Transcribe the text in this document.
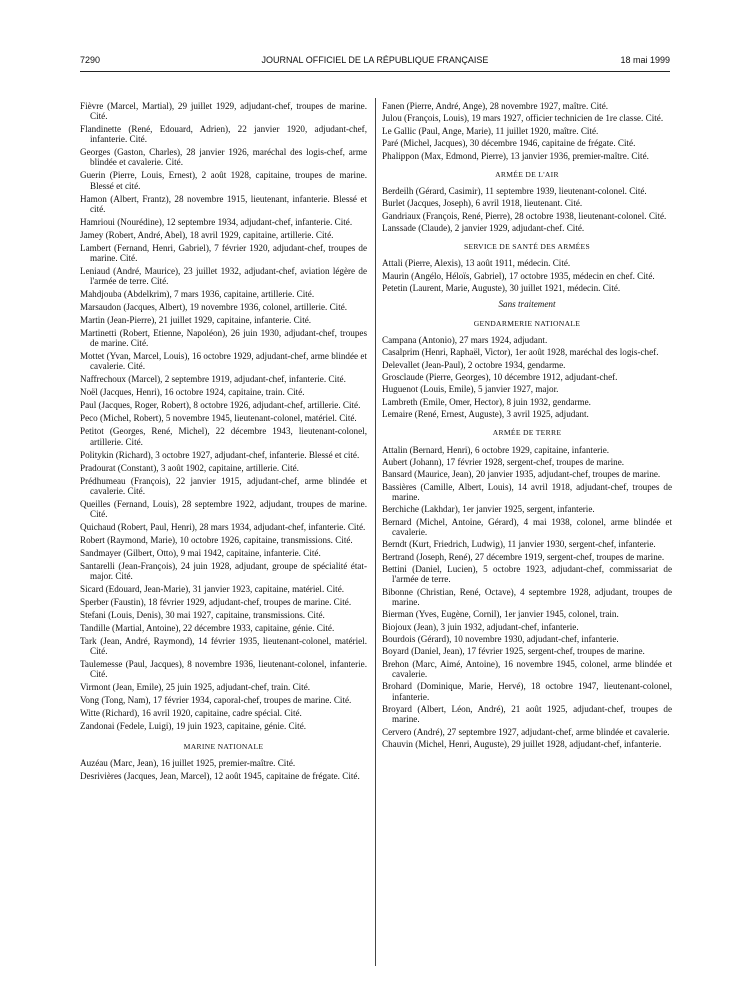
7290	JOURNAL OFFICIEL DE LA RÉPUBLIQUE FRANÇAISE	18 mai 1999
Fièvre (Marcel, Martial), 29 juillet 1929, adjudant-chef, troupes de marine. Cité.
Flandinette (René, Edouard, Adrien), 22 janvier 1920, adjudant-chef, infanterie. Cité.
Georges (Gaston, Charles), 28 janvier 1926, maréchal des logis-chef, arme blindée et cavalerie. Cité.
Guerin (Pierre, Louis, Ernest), 2 août 1928, capitaine, troupes de marine. Blessé et cité.
Hamon (Albert, Frantz), 28 novembre 1915, lieutenant, infanterie. Blessé et cité.
Hamrioui (Nourédine), 12 septembre 1934, adjudant-chef, infanterie. Cité.
Jamey (Robert, André, Abel), 18 avril 1929, capitaine, artillerie. Cité.
Lambert (Fernand, Henri, Gabriel), 7 février 1920, adjudant-chef, troupes de marine. Cité.
Leniaud (André, Maurice), 23 juillet 1932, adjudant-chef, aviation légère de l'armée de terre. Cité.
Mahdjouba (Abdelkrim), 7 mars 1936, capitaine, artillerie. Cité.
Marsaudon (Jacques, Albert), 19 novembre 1936, colonel, artillerie. Cité.
Martin (Jean-Pierre), 21 juillet 1929, capitaine, infanterie. Cité.
Martinetti (Robert, Etienne, Napoléon), 26 juin 1930, adjudant-chef, troupes de marine. Cité.
Mottet (Yvan, Marcel, Louis), 16 octobre 1929, adjudant-chef, arme blindée et cavalerie. Cité.
Naffrechoux (Marcel), 2 septembre 1919, adjudant-chef, infanterie. Cité.
Noël (Jacques, Henri), 16 octobre 1924, capitaine, train. Cité.
Paul (Jacques, Roger, Robert), 8 octobre 1926, adjudant-chef, artillerie. Cité.
Peco (Michel, Robert), 5 novembre 1945, lieutenant-colonel, matériel. Cité.
Petitot (Georges, René, Michel), 22 décembre 1943, lieutenant-colonel, artillerie. Cité.
Politykin (Richard), 3 octobre 1927, adjudant-chef, infanterie. Blessé et cité.
Pradourat (Constant), 3 août 1902, capitaine, artillerie. Cité.
Prédhumeau (François), 22 janvier 1915, adjudant-chef, arme blindée et cavalerie. Cité.
Queilles (Fernand, Louis), 28 septembre 1922, adjudant, troupes de marine. Cité.
Quichaud (Robert, Paul, Henri), 28 mars 1934, adjudant-chef, infanterie. Cité.
Robert (Raymond, Marie), 10 octobre 1926, capitaine, transmissions. Cité.
Sandmayer (Gilbert, Otto), 9 mai 1942, capitaine, infanterie. Cité.
Santarelli (Jean-François), 24 juin 1928, adjudant, groupe de spécialité état-major. Cité.
Sicard (Edouard, Jean-Marie), 31 janvier 1923, capitaine, matériel. Cité.
Sperber (Faustin), 18 février 1929, adjudant-chef, troupes de marine. Cité.
Stefani (Louis, Denis), 30 mai 1927, capitaine, transmissions. Cité.
Tandille (Martial, Antoine), 22 décembre 1933, capitaine, génie. Cité.
Tark (Jean, André, Raymond), 14 février 1935, lieutenant-colonel, matériel. Cité.
Taulemesse (Paul, Jacques), 8 novembre 1936, lieutenant-colonel, infanterie. Cité.
Virmont (Jean, Emile), 25 juin 1925, adjudant-chef, train. Cité.
Vong (Tong, Nam), 17 février 1934, caporal-chef, troupes de marine. Cité.
Witte (Richard), 16 avril 1920, capitaine, cadre spécial. Cité.
Zandonai (Fedele, Luigi), 19 juin 1923, capitaine, génie. Cité.
MARINE NATIONALE
Auzéau (Marc, Jean), 16 juillet 1925, premier-maître. Cité.
Desrivières (Jacques, Jean, Marcel), 12 août 1945, capitaine de frégate. Cité.
Fanen (Pierre, André, Ange), 28 novembre 1927, maître. Cité.
Julou (François, Louis), 19 mars 1927, officier technicien de 1re classe. Cité.
Le Gallic (Paul, Ange, Marie), 11 juillet 1920, maître. Cité.
Paré (Michel, Jacques), 30 décembre 1946, capitaine de frégate. Cité.
Phalippon (Max, Edmond, Pierre), 13 janvier 1936, premier-maître. Cité.
ARMÉE DE L'AIR
Berdeilh (Gérard, Casimir), 11 septembre 1939, lieutenant-colonel. Cité.
Burlet (Jacques, Joseph), 6 avril 1918, lieutenant. Cité.
Gandriaux (François, René, Pierre), 28 octobre 1938, lieutenant-colonel. Cité.
Lanssade (Claude), 2 janvier 1929, adjudant-chef. Cité.
SERVICE DE SANTÉ DES ARMÉES
Attali (Pierre, Alexis), 13 août 1911, médecin. Cité.
Maurin (Angélo, Héloïs, Gabriel), 17 octobre 1935, médecin en chef. Cité.
Petetin (Laurent, Marie, Auguste), 30 juillet 1921, médecin. Cité.
Sans traitement
GENDARMERIE NATIONALE
Campana (Antonio), 27 mars 1924, adjudant.
Casalprim (Henri, Raphaël, Victor), 1er août 1928, maréchal des logis-chef.
Delevallet (Jean-Paul), 2 octobre 1934, gendarme.
Grosclaude (Pierre, Georges), 10 décembre 1912, adjudant-chef.
Huguenot (Louis, Emile), 5 janvier 1927, major.
Lambreth (Emile, Omer, Hector), 8 juin 1932, gendarme.
Lemaire (René, Ernest, Auguste), 3 avril 1925, adjudant.
ARMÉE DE TERRE
Attalin (Bernard, Henri), 6 octobre 1929, capitaine, infanterie.
Aubert (Johann), 17 février 1928, sergent-chef, troupes de marine.
Bansard (Maurice, Jean), 20 janvier 1935, adjudant-chef, troupes de marine.
Bassières (Camille, Albert, Louis), 14 avril 1918, adjudant-chef, troupes de marine.
Berchiche (Lakhdar), 1er janvier 1925, sergent, infanterie.
Bernard (Michel, Antoine, Gérard), 4 mai 1938, colonel, arme blindée et cavalerie.
Berndt (Kurt, Friedrich, Ludwig), 11 janvier 1930, sergent-chef, infanterie.
Bertrand (Joseph, René), 27 décembre 1919, sergent-chef, troupes de marine.
Bettini (Daniel, Lucien), 5 octobre 1923, adjudant-chef, commissariat de l'armée de terre.
Bibonne (Christian, René, Octave), 4 septembre 1928, adjudant, troupes de marine.
Bierman (Yves, Eugène, Cornil), 1er janvier 1945, colonel, train.
Biojoux (Jean), 3 juin 1932, adjudant-chef, infanterie.
Bourdois (Gérard), 10 novembre 1930, adjudant-chef, infanterie.
Boyard (Daniel, Jean), 17 février 1925, sergent-chef, troupes de marine.
Brehon (Marc, Aimé, Antoine), 16 novembre 1945, colonel, arme blindée et cavalerie.
Brohard (Dominique, Marie, Hervé), 18 octobre 1947, lieutenant-colonel, infanterie.
Broyard (Albert, Léon, André), 21 août 1925, adjudant-chef, troupes de marine.
Cervero (André), 27 septembre 1927, adjudant-chef, arme blindée et cavalerie.
Chauvin (Michel, Henri, Auguste), 29 juillet 1928, adjudant-chef, infanterie.
